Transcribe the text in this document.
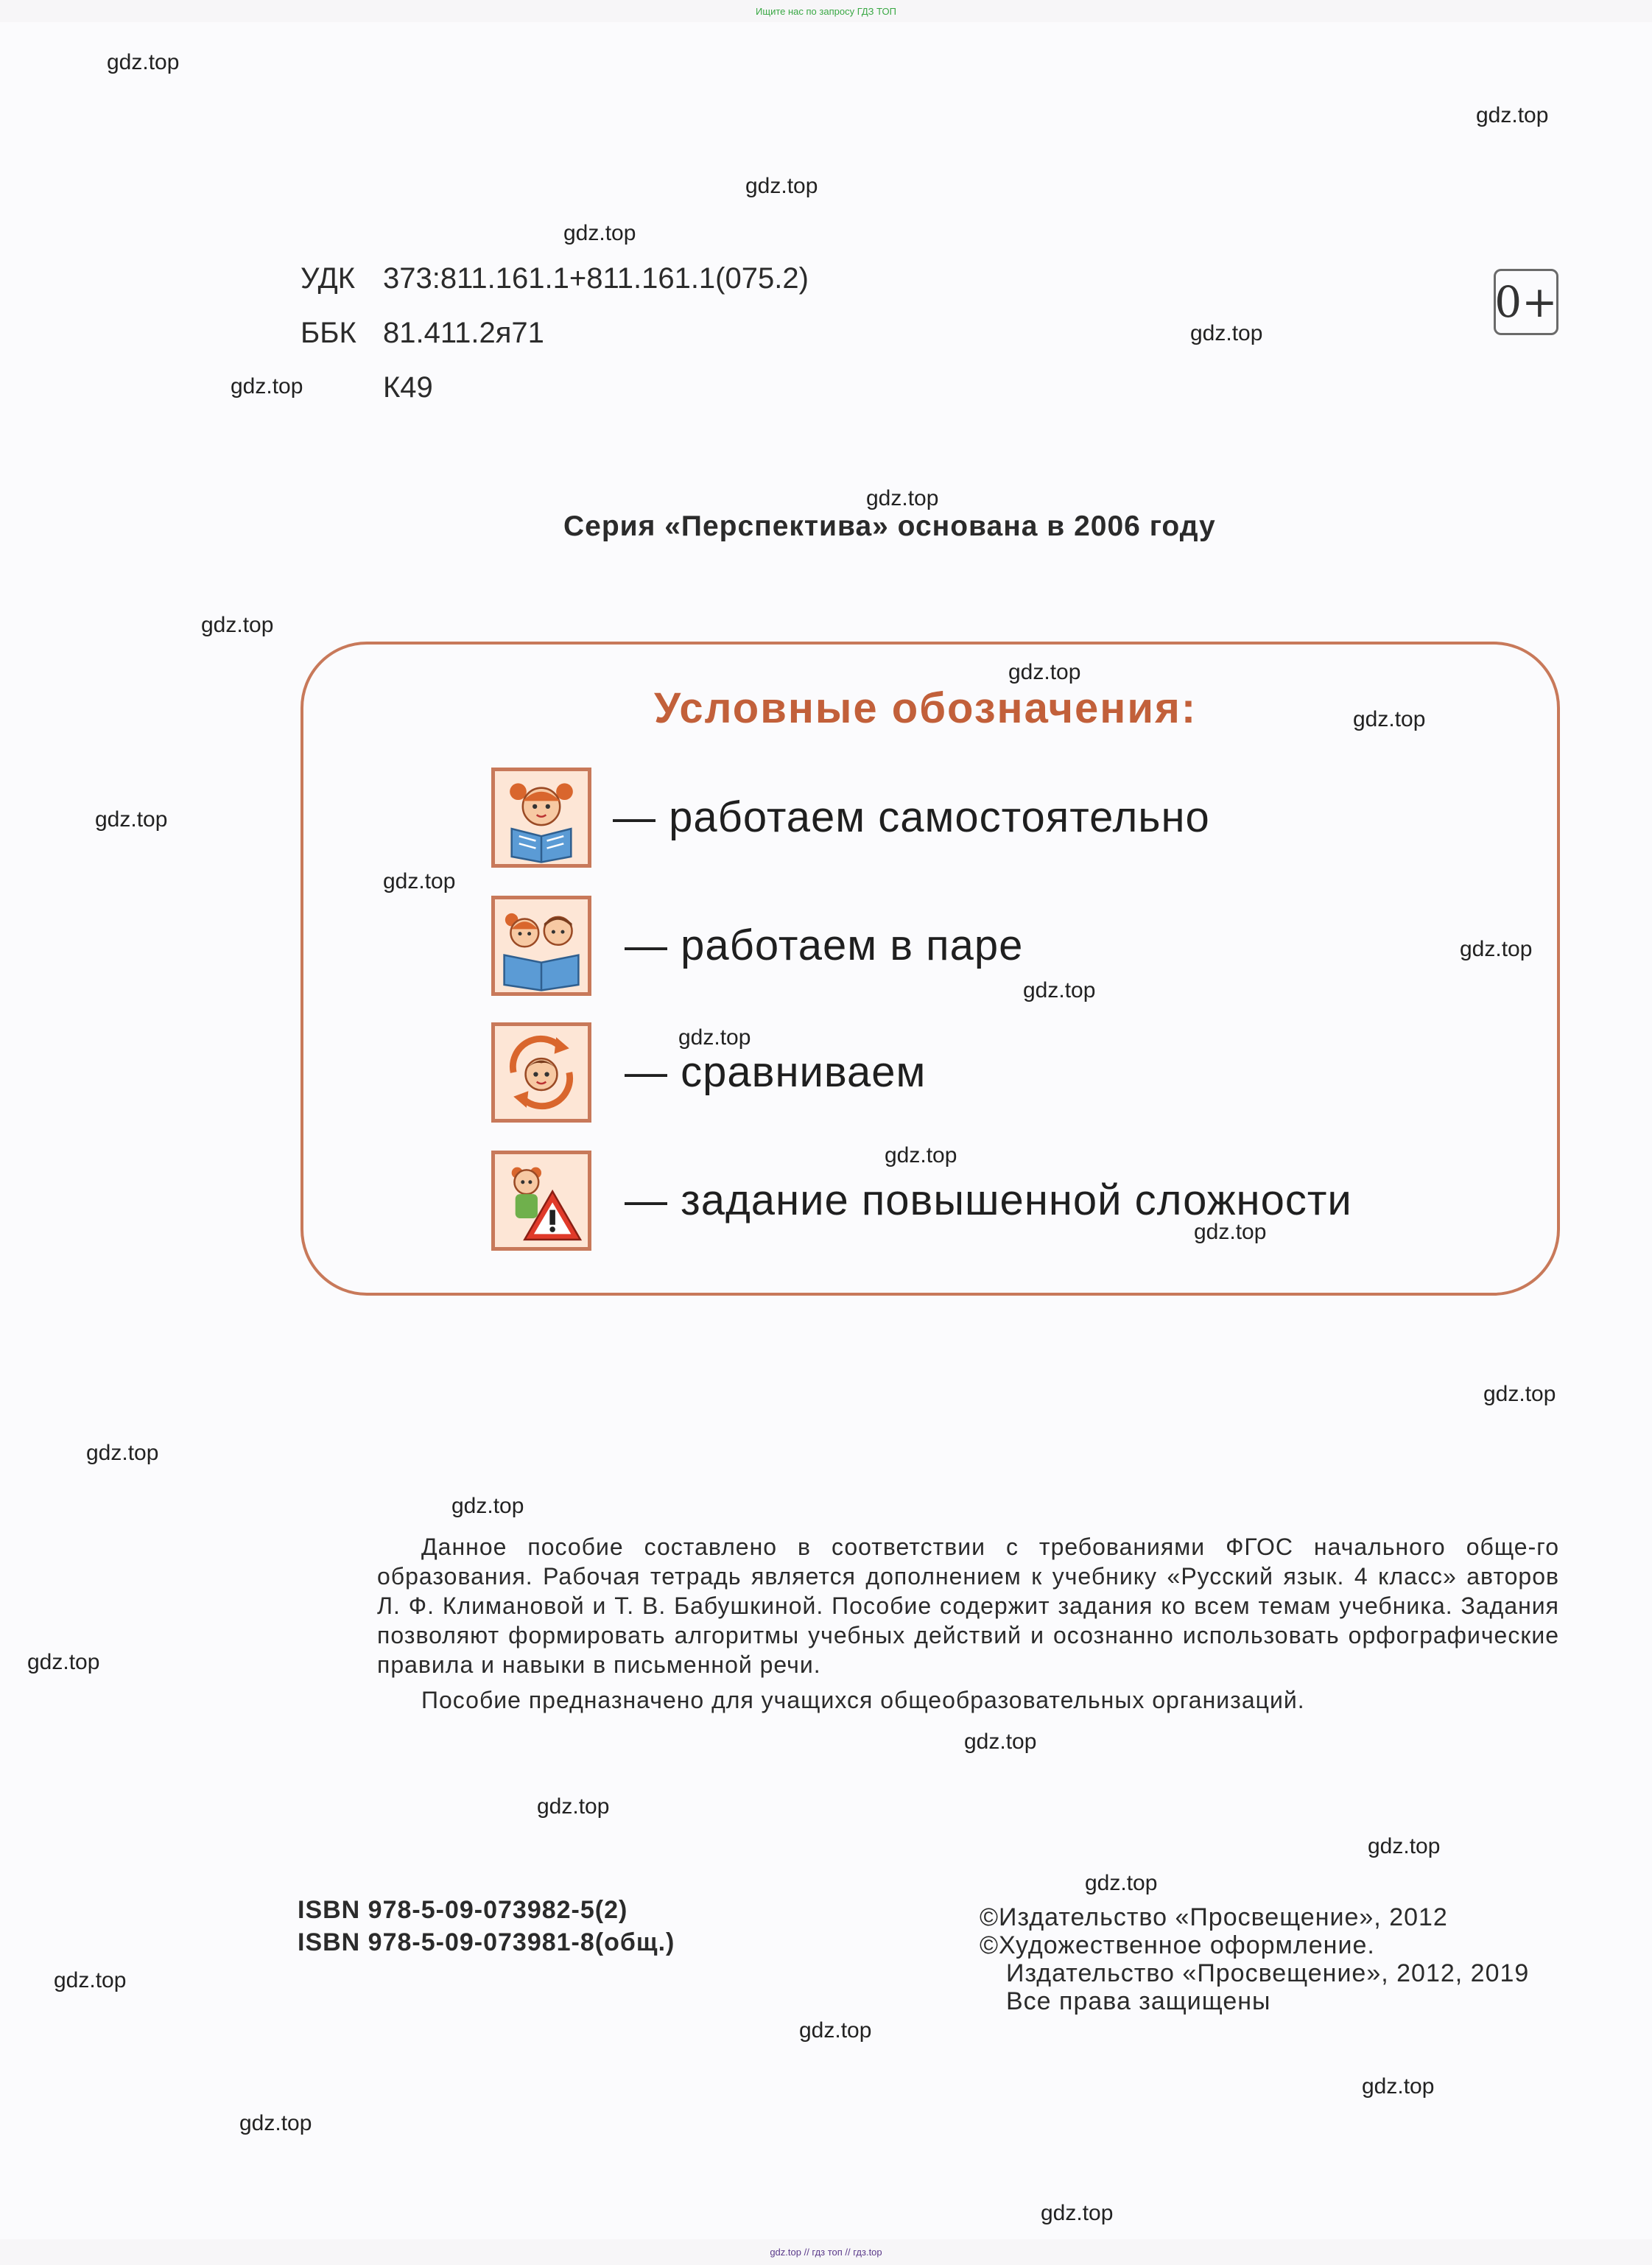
Ищите нас по запросу ГДЗ ТОП
УДК 373:811.161.1+811.161.1(075.2)
ББК 81.411.2я71
К49
0+
Серия «Перспектива» основана в 2006 году
Условные обозначения:
— работаем самостоятельно
— работаем в паре
— сравниваем
— задание повышенной сложности
Данное пособие составлено в соответствии с требованиями ФГОС начального обще-го образования. Рабочая тетрадь является дополнением к учебнику «Русский язык. 4 класс» авторов Л. Ф. Климановой и Т. В. Бабушкиной. Пособие содержит задания ко всем темам учебника. Задания позволяют формировать алгоритмы учебных действий и осознанно использовать орфографические правила и навыки в письменной речи.
Пособие предназначено для учащихся общеобразовательных организаций.
ISBN 978-5-09-073982-5(2)
ISBN 978-5-09-073981-8(общ.)
©Издательство «Просвещение», 2012
©Художественное оформление.
Издательство «Просвещение», 2012, 2019
Все права защищены
gdz.top
gdz.top
gdz.top
gdz.top
gdz.top
gdz.top
gdz.top
gdz.top
gdz.top
gdz.top
gdz.top
gdz.top
gdz.top
gdz.top
gdz.top
gdz.top
gdz.top
gdz.top
gdz.top
gdz.top
gdz.top
gdz.top
gdz.top
gdz.top
gdz.top
gdz.top
gdz.top
gdz.top
gdz.top
gdz.top
gdz.top // гдз топ // гдз.top
